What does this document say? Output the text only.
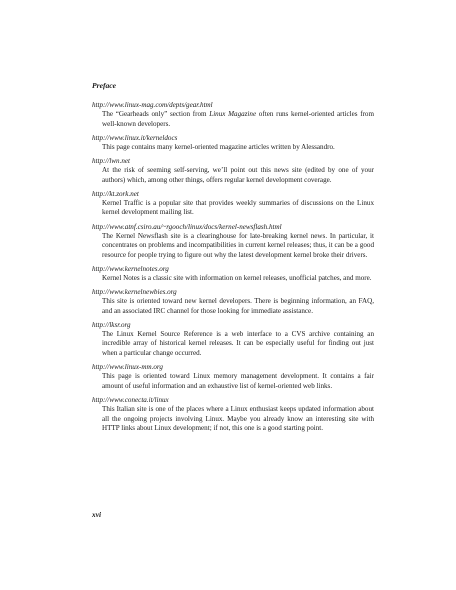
Preface
http://www.linux-mag.com/depts/gear.html
The “Gearheads only” section from Linux Magazine often runs kernel-oriented articles from well-known developers.
http://www.linux.it/kerneldocs
This page contains many kernel-oriented magazine articles written by Alessandro.
http://lwn.net
At the risk of seeming self-serving, we’ll point out this news site (edited by one of your authors) which, among other things, offers regular kernel development coverage.
http://kt.zork.net
Kernel Traffic is a popular site that provides weekly summaries of discussions on the Linux kernel development mailing list.
http://www.atnf.csiro.au/~rgooch/linux/docs/kernel-newsflash.html
The Kernel Newsflash site is a clearinghouse for late-breaking kernel news. In particular, it concentrates on problems and incompatibilities in current kernel releases; thus, it can be a good resource for people trying to figure out why the latest development kernel broke their drivers.
http://www.kernelnotes.org
Kernel Notes is a classic site with information on kernel releases, unofficial patches, and more.
http://www.kernelnewbies.org
This site is oriented toward new kernel developers. There is beginning information, an FAQ, and an associated IRC channel for those looking for immediate assistance.
http://lksr.org
The Linux Kernel Source Reference is a web interface to a CVS archive containing an incredible array of historical kernel releases. It can be especially useful for finding out just when a particular change occurred.
http://www.linux-mm.org
This page is oriented toward Linux memory management development. It contains a fair amount of useful information and an exhaustive list of kernel-oriented web links.
http://www.conecta.it/linux
This Italian site is one of the places where a Linux enthusiast keeps updated information about all the ongoing projects involving Linux. Maybe you already know an interesting site with HTTP links about Linux development; if not, this one is a good starting point.
xvi
